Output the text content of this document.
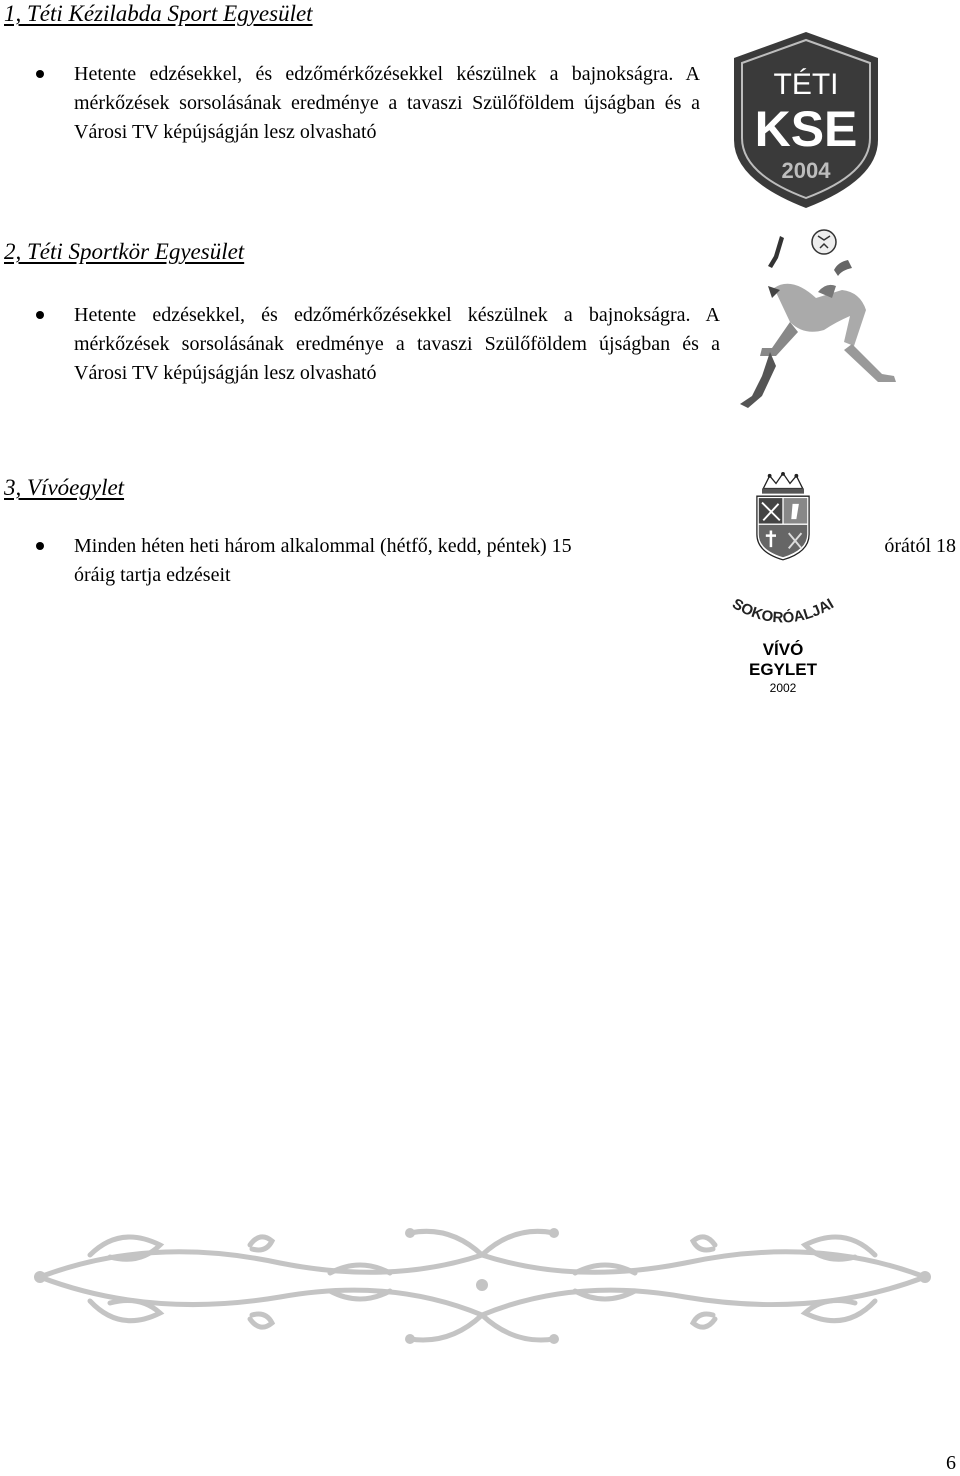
1, Téti Kézilabda Sport Egyesület
Hetente edzésekkel, és edzőmérkőzésekkel készülnek a bajnokságra. A mérkőzések sorsolásának eredménye a tavaszi Szülőföldem újságban és a Városi TV képújságján lesz olvasható
TÉTI
KSE
2004
2, Téti Sportkör Egyesület
Hetente edzésekkel, és edzőmérkőzésekkel készülnek a bajnokságra. A mérkőzések sorsolásának eredménye a tavaszi Szülőföldem újságban és a Városi TV képújságján lesz olvasható
3, Vívóegylet
Minden héten heti három alkalommal (hétfő, kedd, péntek) 15	órától 18
óráig tartja edzéseit
SOKORÓALJAI
VÍVÓ
EGYLET
2002
6
